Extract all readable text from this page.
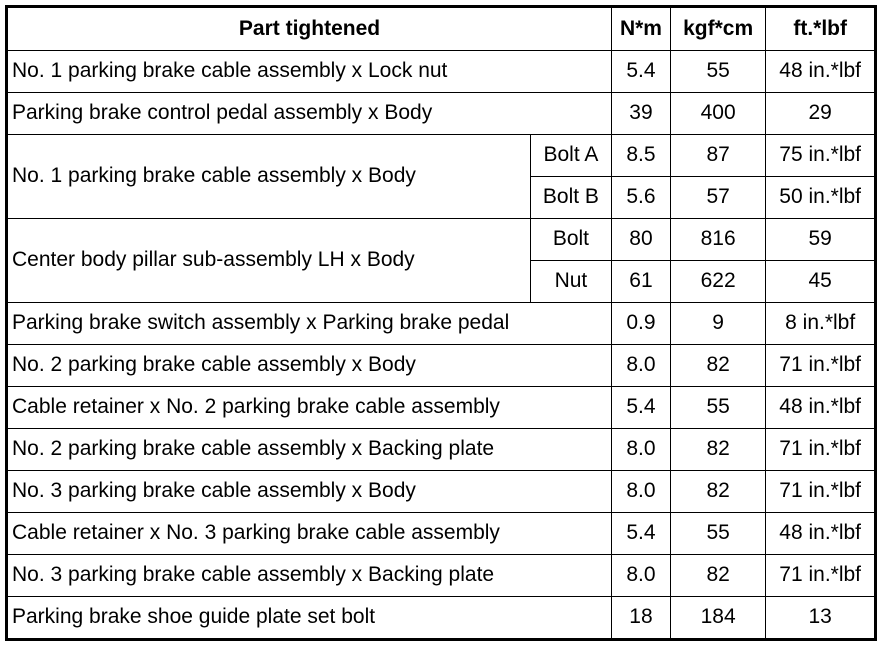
Part tightened		N*m	kgf*cm	ft.*lbf
No. 1 parking brake cable assembly x Lock nut		5.4	55	48 in.*lbf
Parking brake control pedal assembly x Body		39	400	29
No. 1 parking brake cable assembly x Body	Bolt A	8.5	87	75 in.*lbf
	Bolt B	5.6	57	50 in.*lbf
Center body pillar sub-assembly LH x Body	Bolt	80	816	59
	Nut	61	622	45
Parking brake switch assembly x Parking brake pedal		0.9	9	8 in.*lbf
No. 2 parking brake cable assembly x Body		8.0	82	71 in.*lbf
Cable retainer x No. 2 parking brake cable assembly		5.4	55	48 in.*lbf
No. 2 parking brake cable assembly x Backing plate		8.0	82	71 in.*lbf
No. 3 parking brake cable assembly x Body		8.0	82	71 in.*lbf
Cable retainer x No. 3 parking brake cable assembly		5.4	55	48 in.*lbf
No. 3 parking brake cable assembly x Backing plate		8.0	82	71 in.*lbf
Parking brake shoe guide plate set bolt		18	184	13
